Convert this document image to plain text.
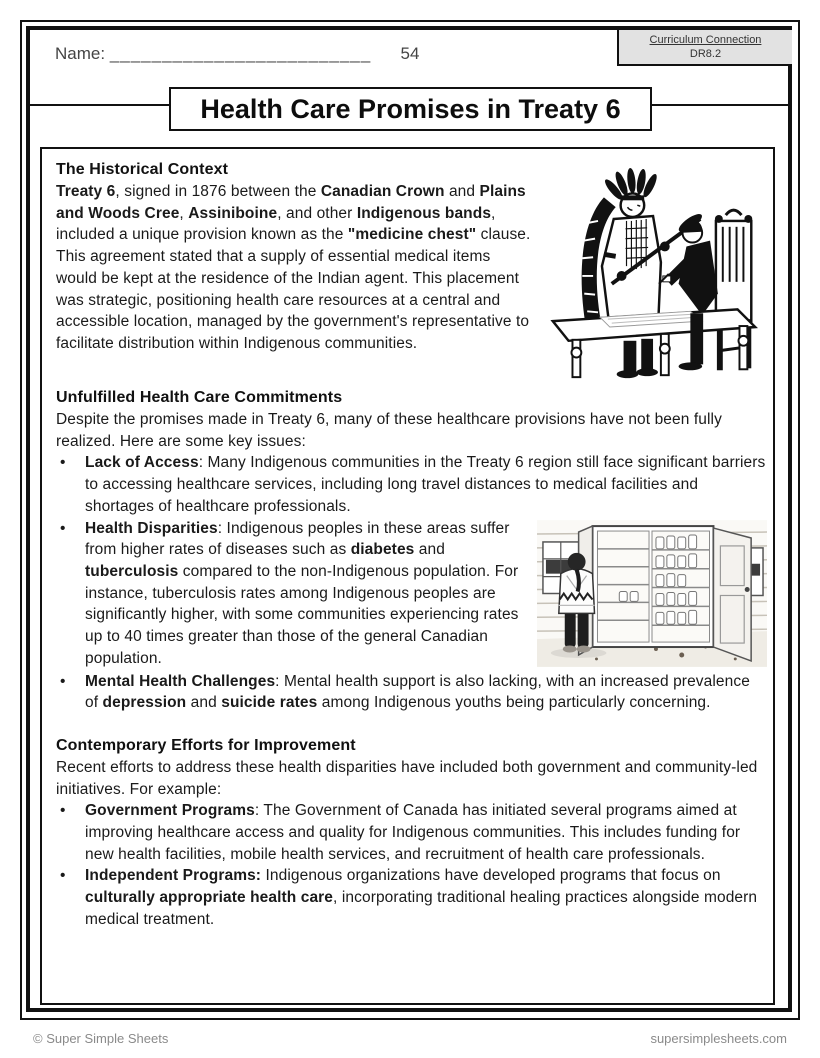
Name: _________________________	54
Curriculum Connection
DR8.2
Health Care Promises in Treaty 6

The Historical Context

Treaty 6, signed in 1876 between the Canadian Crown and Plains and Woods Cree, Assiniboine, and other Indigenous bands, included a unique provision known as the "medicine chest" clause. This agreement stated that a supply of essential medical items would be kept at the residence of the Indian agent. This placement was strategic, positioning health care resources at a central and accessible location, managed by the government's representative to facilitate distribution within Indigenous communities.

Unfulfilled Health Care Commitments

Despite the promises made in Treaty 6, many of these healthcare provisions have not been fully realized. Here are some key issues:

• Lack of Access: Many Indigenous communities in the Treaty 6 region still face significant barriers to accessing healthcare services, including long travel distances to medical facilities and shortages of healthcare professionals.
• Health Disparities: Indigenous peoples in these areas suffer from higher rates of diseases such as diabetes and tuberculosis compared to the non-Indigenous population. For instance, tuberculosis rates among Indigenous peoples are significantly higher, with some communities experiencing rates up to 40 times greater than those of the general Canadian population.
• Mental Health Challenges: Mental health support is also lacking, with an increased prevalence of depression and suicide rates among Indigenous youths being particularly concerning.

Contemporary Efforts for Improvement

Recent efforts to address these health disparities have included both government and community-led initiatives. For example:

• Government Programs: The Government of Canada has initiated several programs aimed at improving healthcare access and quality for Indigenous communities. This includes funding for new health facilities, mobile health services, and recruitment of health care professionals.
• Independent Programs: Indigenous organizations have developed programs that focus on culturally appropriate health care, incorporating traditional healing practices alongside modern medical treatment.
© Super Simple Sheets	supersimplesheets.com
